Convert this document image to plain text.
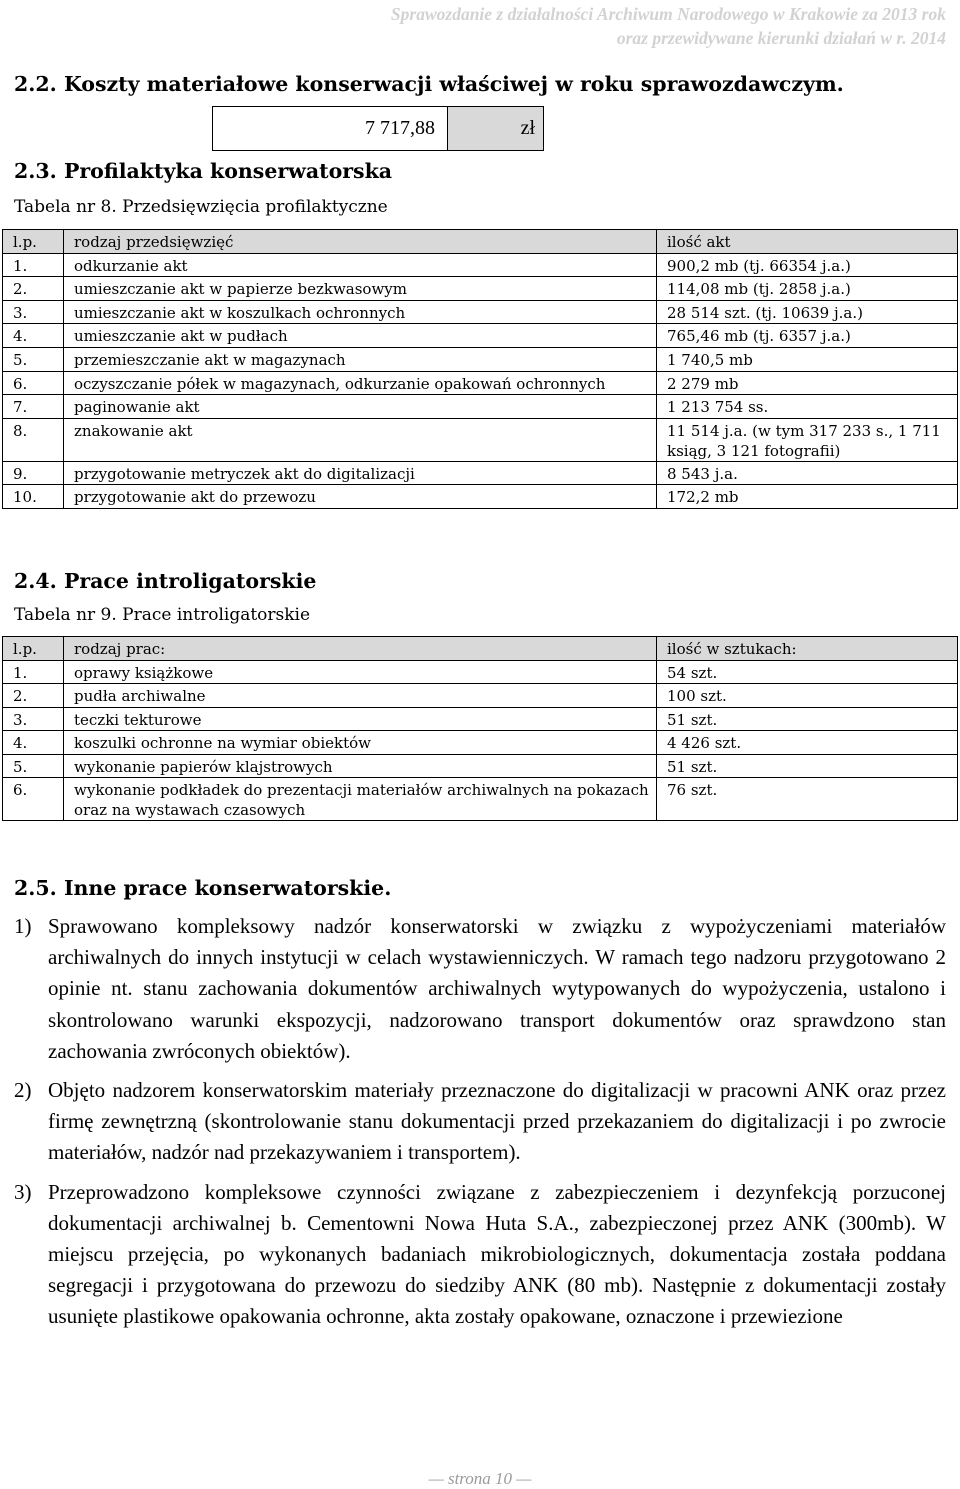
Sprawozdanie z działalności Archiwum Narodowego w Krakowie za 2013 rok
oraz przewidywane kierunki działań w r. 2014
2.2. Koszty materiałowe konserwacji właściwej w roku sprawozdawczym.
7 717,88	zł
2.3. Profilaktyka konserwatorska
Tabela nr 8. Przedsięwzięcia profilaktyczne
l.p.	rodzaj przedsięwzięć	ilość akt
1.	odkurzanie akt	900,2 mb (tj. 66354 j.a.)
2.	umieszczanie akt w papierze bezkwasowym	114,08 mb (tj. 2858 j.a.)
3.	umieszczanie akt w koszulkach ochronnych	28 514 szt. (tj. 10639 j.a.)
4.	umieszczanie akt w pudłach	765,46 mb (tj. 6357 j.a.)
5.	przemieszczanie akt w magazynach	1 740,5 mb
6.	oczyszczanie półek w magazynach, odkurzanie opakowań ochronnych	2 279 mb
7.	paginowanie akt	1 213 754 ss.
8.	znakowanie akt	11 514 j.a. (w tym 317 233 s., 1 711 ksiąg, 3 121 fotografii)
9.	przygotowanie metryczek akt do digitalizacji	8 543 j.a.
10.	przygotowanie akt do przewozu	172,2 mb
2.4. Prace introligatorskie
Tabela nr 9. Prace introligatorskie
l.p.	rodzaj prac:	ilość w sztukach:
1.	oprawy książkowe	54 szt.
2.	pudła archiwalne	100 szt.
3.	teczki tekturowe	51 szt.
4.	koszulki ochronne na wymiar obiektów	4 426 szt.
5.	wykonanie papierów klajstrowych	51 szt.
6.	wykonanie podkładek do prezentacji materiałów archiwalnych na pokazach oraz na wystawach czasowych	76 szt.
2.5. Inne prace konserwatorskie.
1) Sprawowano kompleksowy nadzór konserwatorski w związku z wypożyczeniami materiałów archiwalnych do innych instytucji w celach wystawienniczych. W ramach tego nadzoru przygotowano 2 opinie nt. stanu zachowania dokumentów archiwalnych wytypowanych do wypożyczenia, ustalono i skontrolowano warunki ekspozycji, nadzorowano transport dokumentów oraz sprawdzono stan zachowania zwróconych obiektów).
2) Objęto nadzorem konserwatorskim materiały przeznaczone do digitalizacji w pracowni ANK oraz przez firmę zewnętrzną (skontrolowanie stanu dokumentacji przed przekazaniem do digitalizacji i po zwrocie materiałów, nadzór nad przekazywaniem i transportem).
3) Przeprowadzono kompleksowe czynności związane z zabezpieczeniem i dezynfekcją porzuconej dokumentacji archiwalnej b. Cementowni Nowa Huta S.A., zabezpieczonej przez ANK (300mb). W miejscu przejęcia, po wykonanych badaniach mikrobiologicznych, dokumentacja została poddana segregacji i przygotowana do przewozu do siedziby ANK (80 mb). Następnie z dokumentacji zostały usunięte plastikowe opakowania ochronne, akta zostały opakowane, oznaczone i przewiezione
— strona 10 —
